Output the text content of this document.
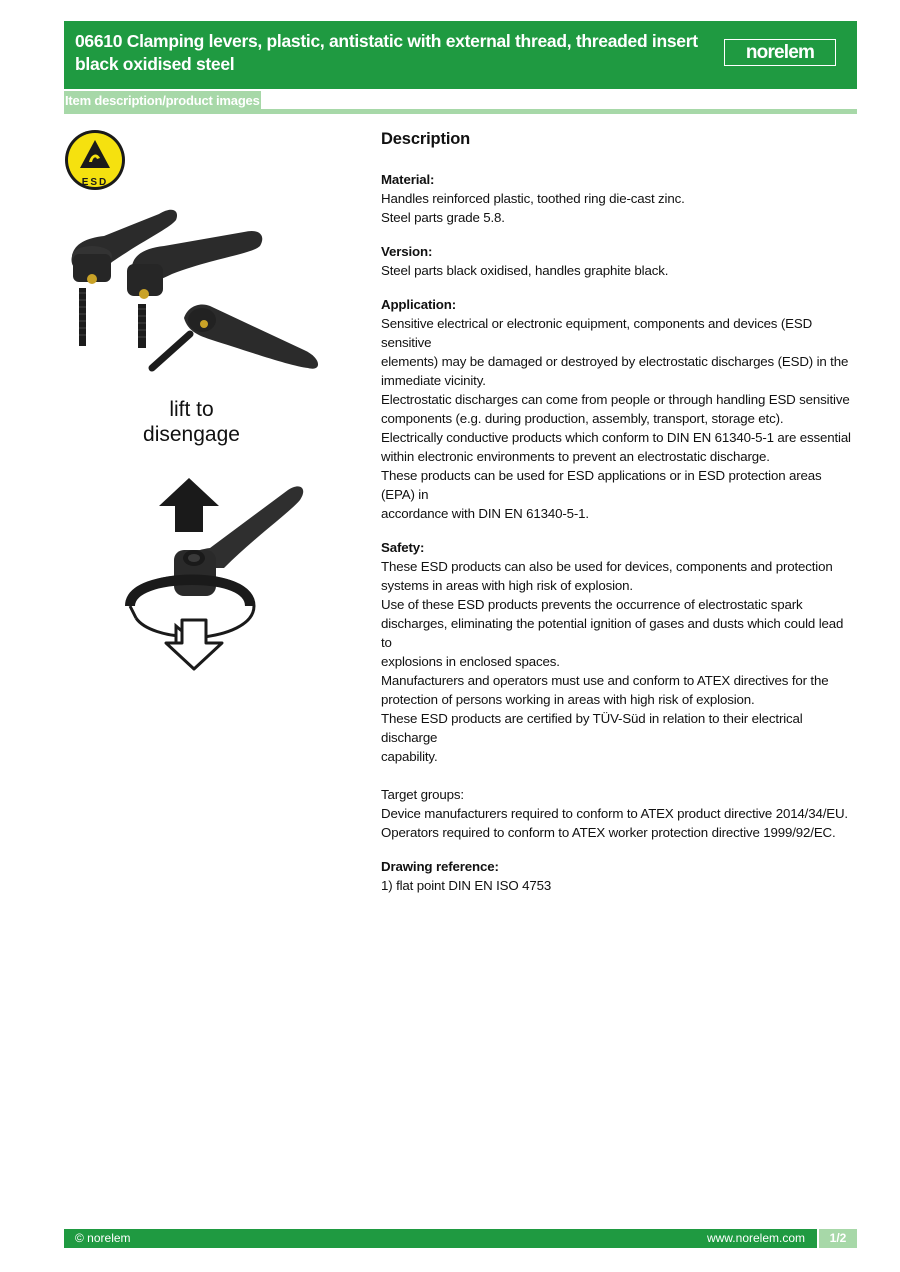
06610 Clamping levers, plastic, antistatic with external thread, threaded insert
black oxidised steel
norelem
Item description/product images
ESD
lift to
disengage
Description
Material:
Handles reinforced plastic, toothed ring die-cast zinc.
Steel parts grade 5.8.
Version:
Steel parts black oxidised, handles graphite black.
Application:
Sensitive electrical or electronic equipment, components and devices (ESD sensitive
elements) may be damaged or destroyed by electrostatic discharges (ESD) in the
immediate vicinity.
Electrostatic discharges can come from people or through handling ESD sensitive
components (e.g. during production, assembly, transport, storage etc).
Electrically conductive products which conform to DIN EN 61340-5-1 are essential
within electronic environments to prevent an electrostatic discharge.
These products can be used for ESD applications or in ESD protection areas (EPA) in
accordance with DIN EN 61340-5-1.
Safety:
These ESD products can also be used for devices, components and protection
systems in areas with high risk of explosion.
Use of these ESD products prevents the occurrence of electrostatic spark
discharges, eliminating the potential ignition of gases and dusts which could lead to
explosions in enclosed spaces.
Manufacturers and operators must use and conform to ATEX directives for the
protection of persons working in areas with high risk of explosion.
These ESD products are certified by TÜV-Süd in relation to their electrical discharge
capability.
Target groups:
Device manufacturers required to conform to ATEX product directive 2014/34/EU.
Operators required to conform to ATEX worker protection directive 1999/92/EC.
Drawing reference:
1) flat point DIN EN ISO 4753
© norelem	www.norelem.com	1/2
